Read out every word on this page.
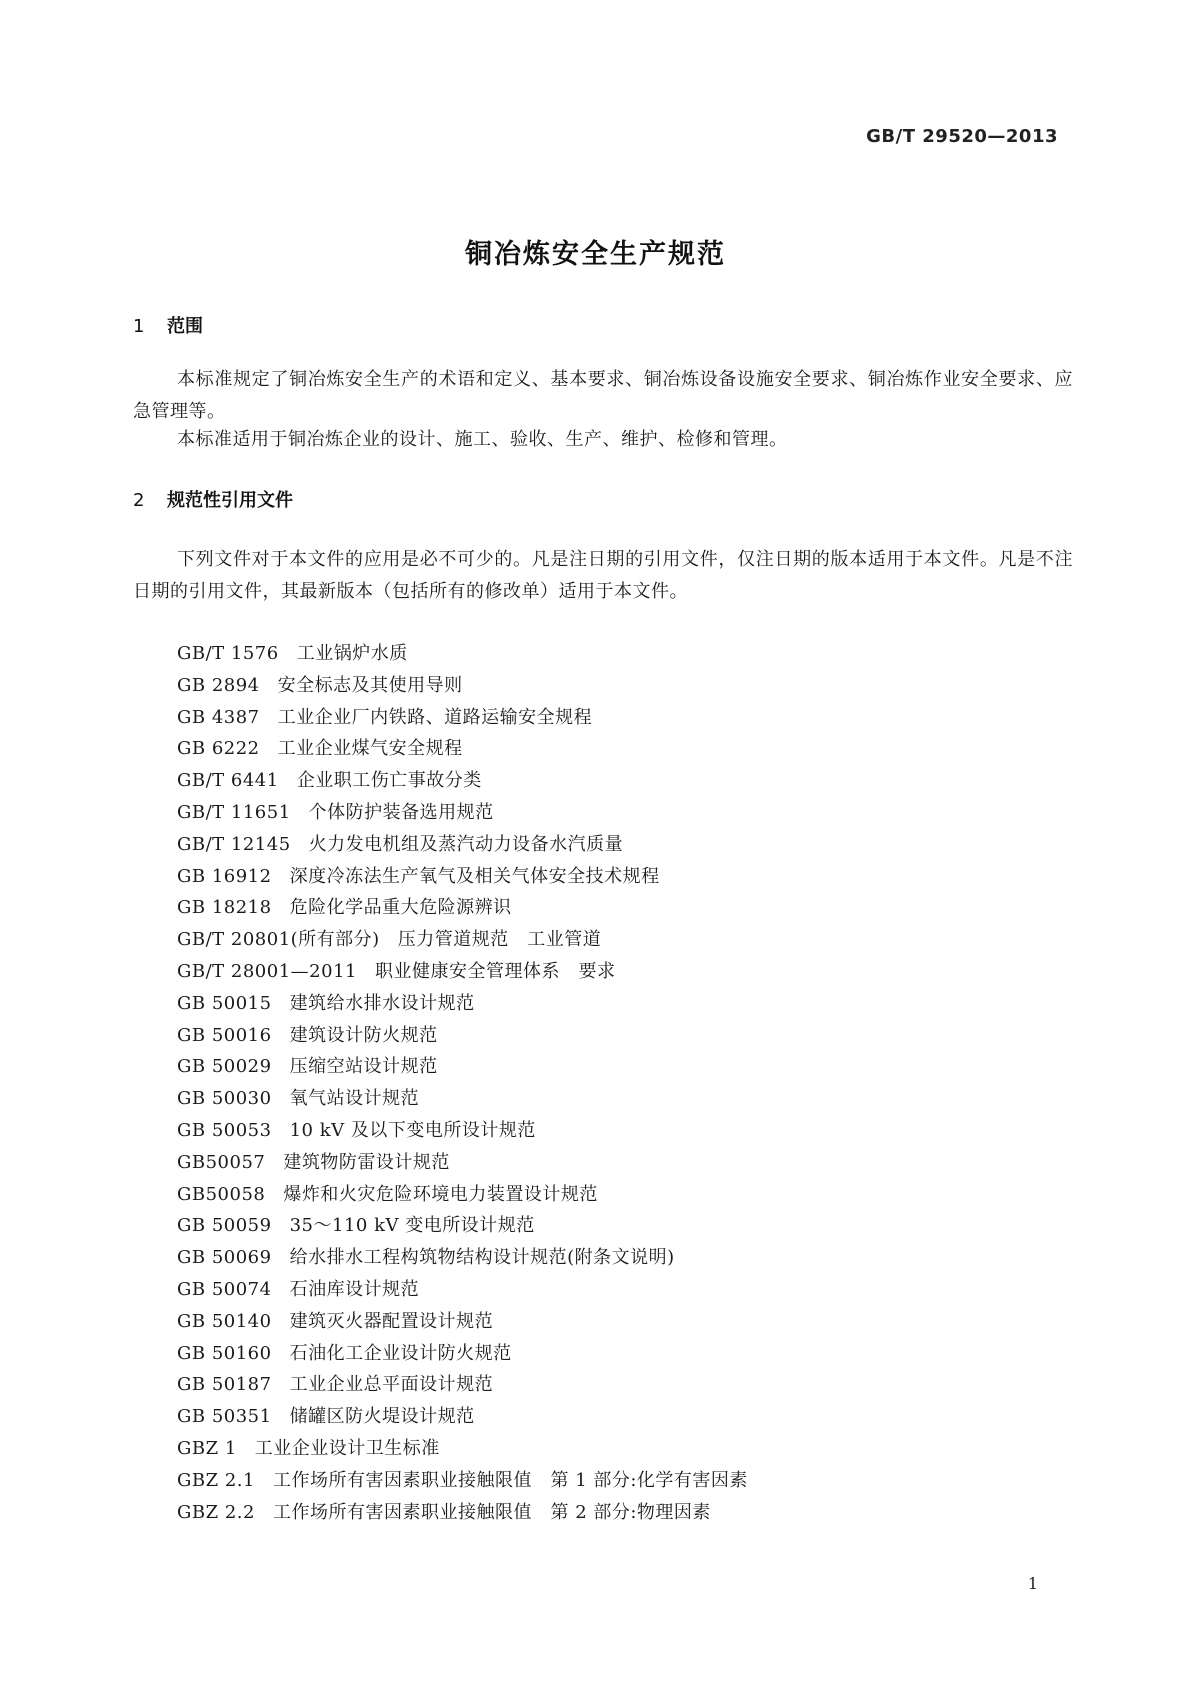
GB/T 29520—2013
铜冶炼安全生产规范
1 范围
本标准规定了铜冶炼安全生产的术语和定义、基本要求、铜冶炼设备设施安全要求、铜冶炼作业安全要求、应急管理等。
本标准适用于铜冶炼企业的设计、施工、验收、生产、维护、检修和管理。
2 规范性引用文件
下列文件对于本文件的应用是必不可少的。凡是注日期的引用文件，仅注日期的版本适用于本文件。凡是不注日期的引用文件，其最新版本（包括所有的修改单）适用于本文件。
GB/T 1576 工业锅炉水质
GB 2894 安全标志及其使用导则
GB 4387 工业企业厂内铁路、道路运输安全规程
GB 6222 工业企业煤气安全规程
GB/T 6441 企业职工伤亡事故分类
GB/T 11651 个体防护装备选用规范
GB/T 12145 火力发电机组及蒸汽动力设备水汽质量
GB 16912 深度冷冻法生产氧气及相关气体安全技术规程
GB 18218 危险化学品重大危险源辨识
GB/T 20801(所有部分) 压力管道规范　工业管道
GB/T 28001—2011 职业健康安全管理体系　要求
GB 50015 建筑给水排水设计规范
GB 50016 建筑设计防火规范
GB 50029 压缩空站设计规范
GB 50030 氧气站设计规范
GB 50053 10 kV 及以下变电所设计规范
GB50057 建筑物防雷设计规范
GB50058 爆炸和火灾危险环境电力装置设计规范
GB 50059 35～110 kV 变电所设计规范
GB 50069 给水排水工程构筑物结构设计规范(附条文说明)
GB 50074 石油库设计规范
GB 50140 建筑灭火器配置设计规范
GB 50160 石油化工企业设计防火规范
GB 50187 工业企业总平面设计规范
GB 50351 储罐区防火堤设计规范
GBZ 1 工业企业设计卫生标准
GBZ 2.1 工作场所有害因素职业接触限值　第 1 部分:化学有害因素
GBZ 2.2 工作场所有害因素职业接触限值　第 2 部分:物理因素
1
